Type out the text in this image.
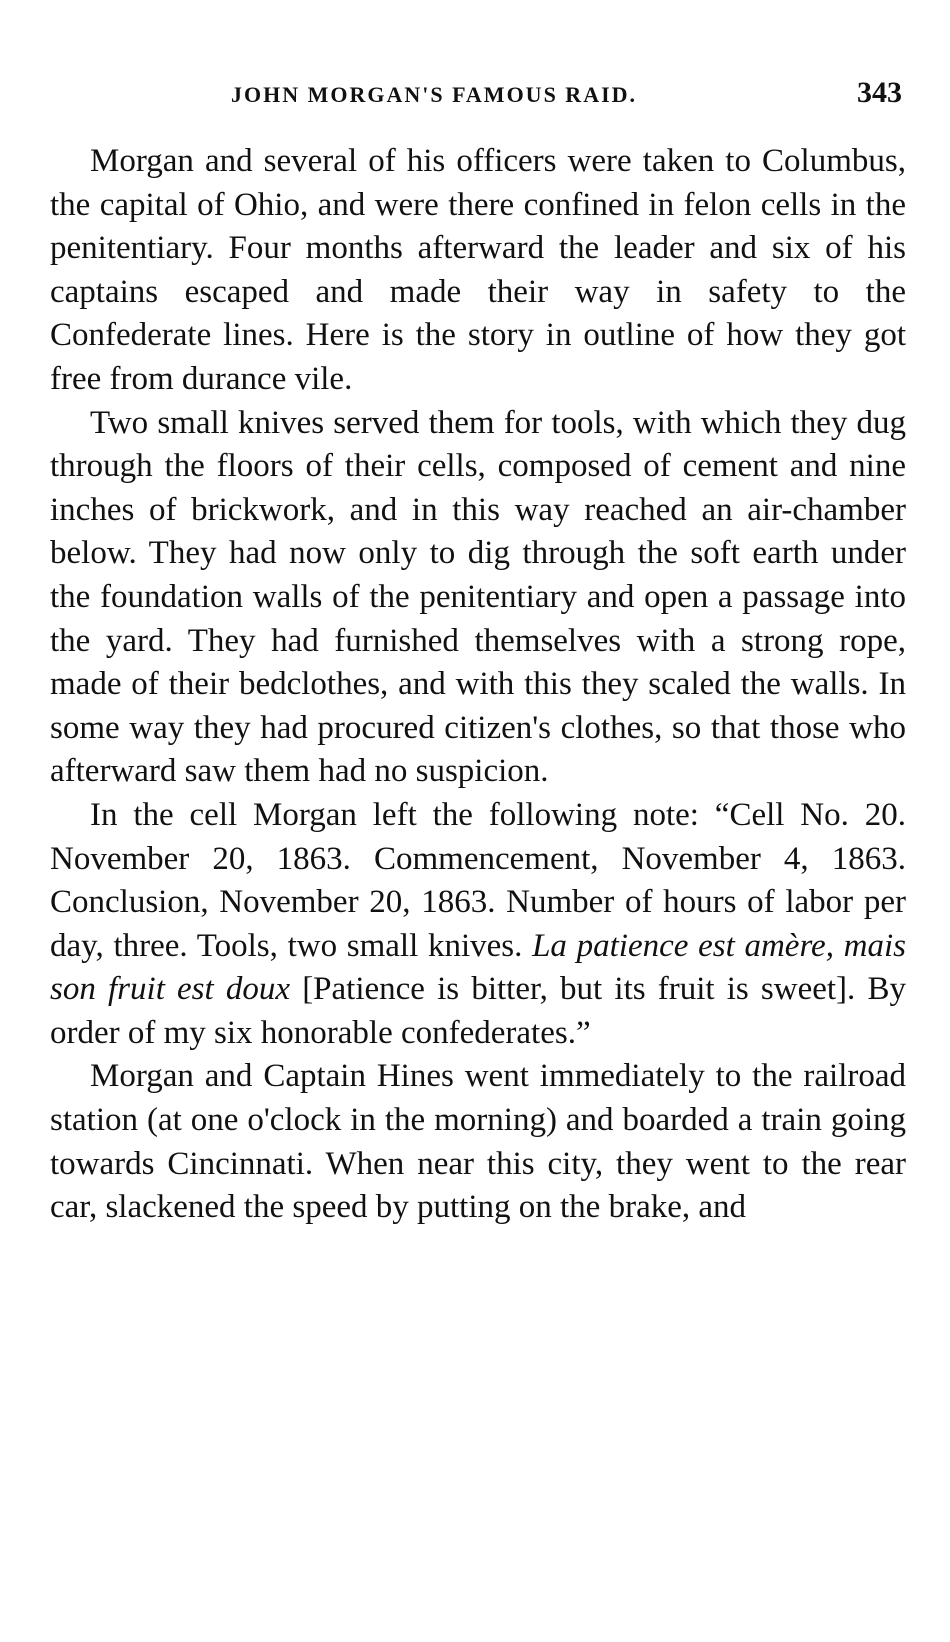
JOHN MORGAN'S FAMOUS RAID.	343

Morgan and several of his officers were taken to Columbus, the capital of Ohio, and were there confined in felon cells in the penitentiary. Four months afterward the leader and six of his captains escaped and made their way in safety to the Confederate lines. Here is the story in outline of how they got free from durance vile.

Two small knives served them for tools, with which they dug through the floors of their cells, composed of cement and nine inches of brickwork, and in this way reached an air-chamber below. They had now only to dig through the soft earth under the foundation walls of the penitentiary and open a passage into the yard. They had furnished themselves with a strong rope, made of their bedclothes, and with this they scaled the walls. In some way they had procured citizen's clothes, so that those who afterward saw them had no suspicion.

In the cell Morgan left the following note: “Cell No. 20. November 20, 1863. Commencement, November 4, 1863. Conclusion, November 20, 1863. Number of hours of labor per day, three. Tools, two small knives. La patience est amère, mais son fruit est doux [Patience is bitter, but its fruit is sweet]. By order of my six honorable confederates.”

Morgan and Captain Hines went immediately to the railroad station (at one o'clock in the morning) and boarded a train going towards Cincinnati. When near this city, they went to the rear car, slackened the speed by putting on the brake, and
